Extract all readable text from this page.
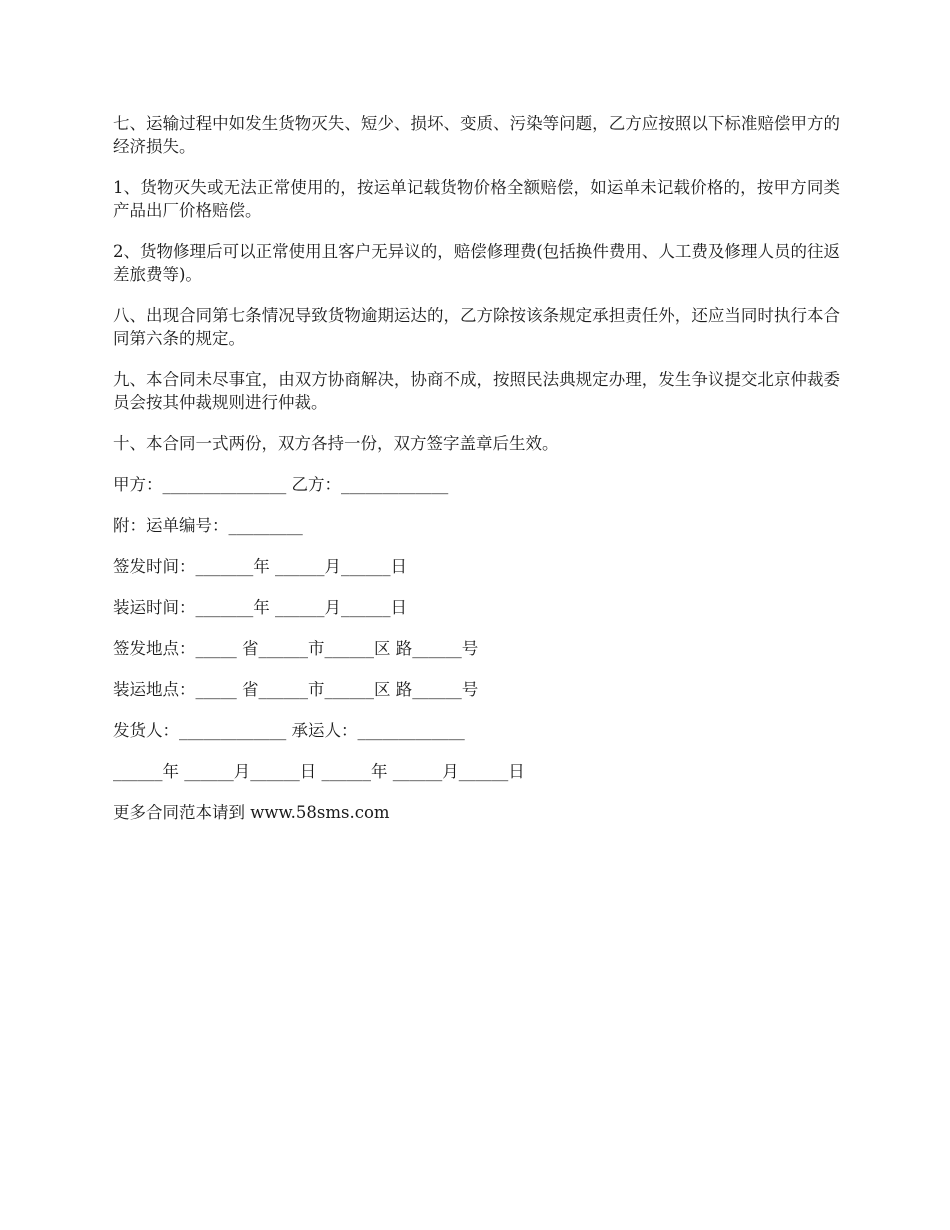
七、运输过程中如发生货物灭失、短少、损坏、变质、污染等问题，乙方应按照以下标准赔偿甲方的经济损失。

1、货物灭失或无法正常使用的，按运单记载货物价格全额赔偿，如运单未记载价格的，按甲方同类产品出厂价格赔偿。

2、货物修理后可以正常使用且客户无异议的，赔偿修理费(包括换件费用、人工费及修理人员的往返差旅费等)。

八、出现合同第七条情况导致货物逾期运达的，乙方除按该条规定承担责任外，还应当同时执行本合同第六条的规定。

九、本合同未尽事宜，由双方协商解决，协商不成，按照民法典规定办理，发生争议提交北京仲裁委员会按其仲裁规则进行仲裁。

十、本合同一式两份，双方各持一份，双方签字盖章后生效。

甲方：_______________ 乙方：_____________
附：运单编号：_________
签发时间：_______年 ______月______日
装运时间：_______年 ______月______日
签发地点：_____ 省______市______区 路______号
装运地点：_____ 省______市______区 路______号
发货人：_____________ 承运人：_____________
______年 ______月______日 ______年 ______月______日
更多合同范本请到 www.58sms.com
